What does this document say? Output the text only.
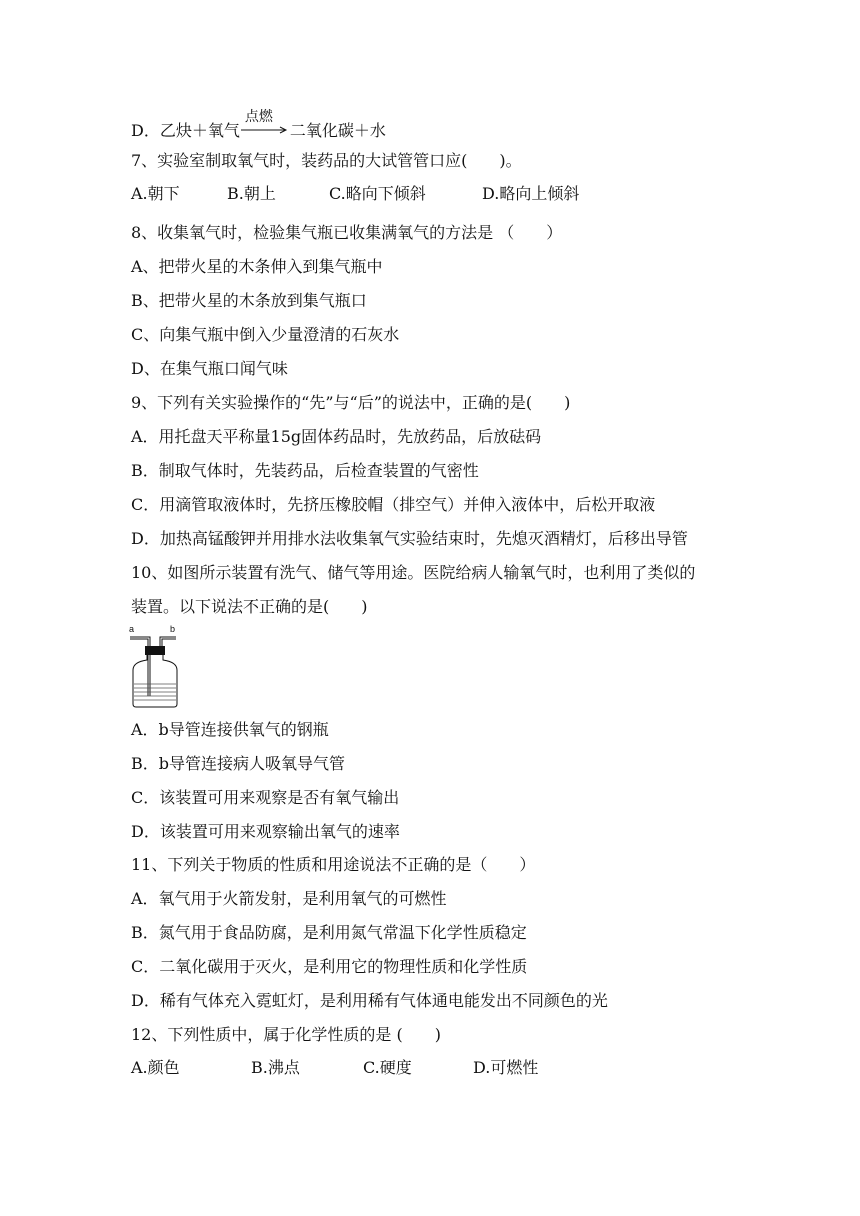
D．乙炔＋氧气
点燃
二氧化碳＋水
7、实验室制取氧气时，装药品的大试管管口应(　　)。
A.朝下	B.朝上	C.略向下倾斜	D.略向上倾斜
8、收集氧气时，检验集气瓶已收集满氧气的方法是 （　　）
A、把带火星的木条伸入到集气瓶中
B、把带火星的木条放到集气瓶口
C、向集气瓶中倒入少量澄清的石灰水
D、在集气瓶口闻气味
9、下列有关实验操作的“先”与“后”的说法中，正确的是(　　)
A．用托盘天平称量15g固体药品时，先放药品，后放砝码
B．制取气体时，先装药品，后检查装置的气密性
C．用滴管取液体时，先挤压橡胶帽（排空气）并伸入液体中，后松开取液
D．加热高锰酸钾并用排水法收集氧气实验结束时，先熄灭酒精灯，后移出导管
10、如图所示装置有洗气、储气等用途。医院给病人输氧气时，也利用了类似的
装置。以下说法不正确的是(　　)
a	b
A．b导管连接供氧气的钢瓶
B．b导管连接病人吸氧导气管
C．该装置可用来观察是否有氧气输出
D．该装置可用来观察输出氧气的速率
11、下列关于物质的性质和用途说法不正确的是（　　）
A．氧气用于火箭发射，是利用氧气的可燃性
B．氮气用于食品防腐，是利用氮气常温下化学性质稳定
C．二氧化碳用于灭火，是利用它的物理性质和化学性质
D．稀有气体充入霓虹灯，是利用稀有气体通电能发出不同颜色的光
12、下列性质中，属于化学性质的是 (　　)
A.颜色	B.沸点	C.硬度	D.可燃性
